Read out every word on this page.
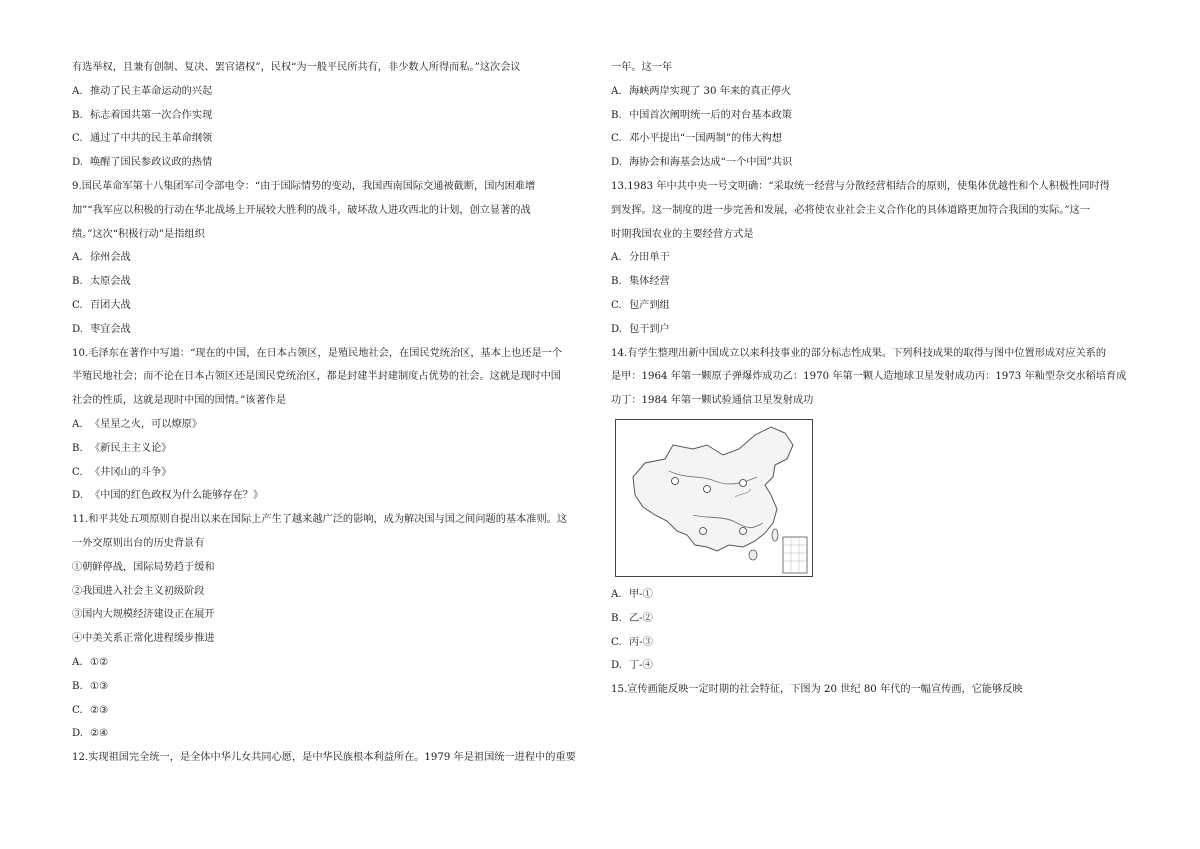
有选举权，且兼有创制、复决、罢官诸权”，民权“为一般平民所共有，非少数人所得而私。”这次会议
A. 推动了民主革命运动的兴起
B. 标志着国共第一次合作实现
C. 通过了中共的民主革命纲领
D. 唤醒了国民参政议政的热情
9.国民革命军第十八集团军司令部电令：“由于国际情势的变动，我国西南国际交通被截断，国内困难增
加”“我军应以积极的行动在华北战场上开展较大胜利的战斗，破坏敌人进攻西北的计划，创立显著的战
绩。”这次“积极行动”是指组织
A. 徐州会战
B. 太原会战
C. 百团大战
D. 枣宜会战
10.毛泽东在著作中写道：“现在的中国，在日本占领区，是殖民地社会，在国民党统治区，基本上也还是一个
半殖民地社会；而不论在日本占领区还是国民党统治区，都是封建半封建制度占优势的社会。这就是现时中国
社会的性质，这就是现时中国的国情。”该著作是
A. 《星星之火，可以燎原》
B. 《新民主主义论》
C. 《井冈山的斗争》
D. 《中国的红色政权为什么能够存在？》
11.和平共处五项原则自提出以来在国际上产生了越来越广泛的影响，成为解决国与国之间问题的基本准则。这
一外交原则出台的历史背景有
①朝鲜停战，国际局势趋于缓和
②我国进入社会主义初级阶段
③国内大规模经济建设正在展开
④中美关系正常化进程缓步推进
A. ①②
B. ①③
C. ②③
D. ②④
12.实现祖国完全统一，是全体中华儿女共同心愿，是中华民族根本利益所在。1979 年是祖国统一进程中的重要
一年。这一年
A. 海峡两岸实现了 30 年来的真正停火
B. 中国首次阐明统一后的对台基本政策
C. 邓小平提出“一国两制”的伟大构想
D. 海协会和海基会达成“一个中国”共识
13.1983 年中共中央一号文明确：“采取统一经营与分散经营相结合的原则，使集体优越性和个人积极性同时得
到发挥。这一制度的进一步完善和发展，必将使农业社会主义合作化的具体道路更加符合我国的实际。”这一
时期我国农业的主要经营方式是
A. 分田单干
B. 集体经营
C. 包产到组
D. 包干到户
14.有学生整理出新中国成立以来科技事业的部分标志性成果。下列科技成果的取得与图中位置形成对应关系的
是甲：1964 年第一颗原子弹爆炸成功乙：1970 年第一颗人造地球卫星发射成功丙：1973 年籼型杂交水稻培育成
功丁：1984 年第一颗试验通信卫星发射成功
A. 甲-①
B. 乙-②
C. 丙-③
D. 丁-④
15.宣传画能反映一定时期的社会特征，下图为 20 世纪 80 年代的一幅宣传画，它能够反映
